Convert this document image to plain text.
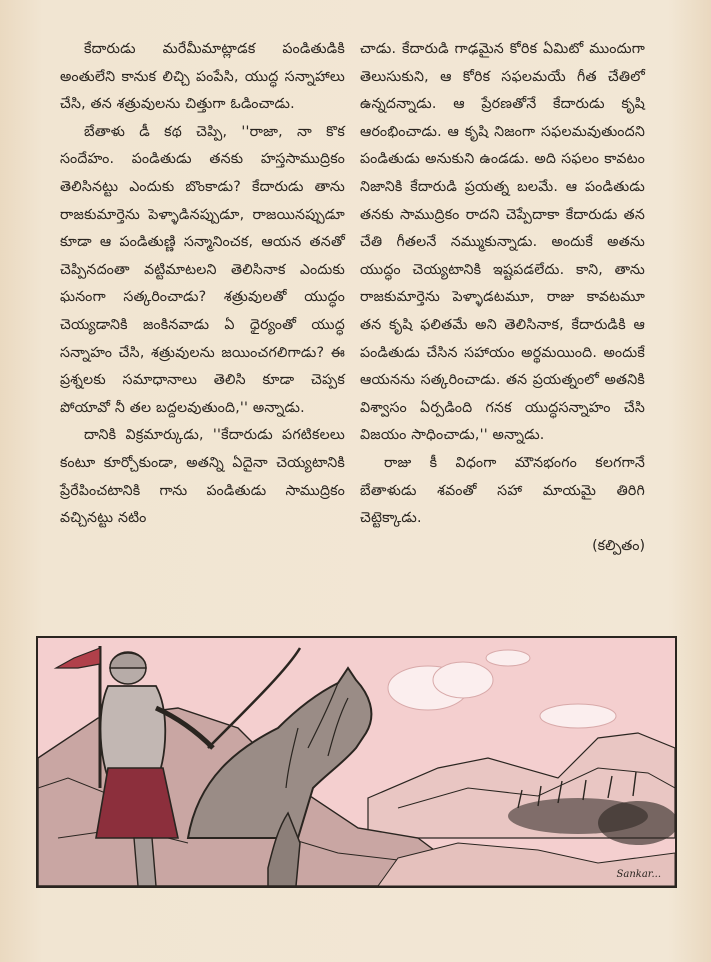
కేదారుడు మరేమీమాట్లాడక పండితుడికి అంతులేని కానుక లిచ్చి పంపేసి, యుద్ధ సన్నాహాలు చేసి, తన శత్రువులను చిత్తుగా ఓడించాడు.

బేతాళు డీ కథ చెప్పి, ''రాజా, నా కొక సందేహం. పండితుడు తనకు హస్తసాముద్రికం తెలిసినట్టు ఎందుకు బొంకాడు? కేదారుడు తాను రాజకుమార్తెను పెళ్ళాడినప్పుడూ, రాజయినప్పుడూ కూడా ఆ పండితుణ్ణి సన్మానించక, ఆయన తనతో చెప్పినదంతా వట్టిమాటలని తెలిసినాక ఎందుకు ఘనంగా సత్కరించాడు? శత్రువులతో యుద్ధం చెయ్యడానికి జంకినవాడు ఏ ధైర్యంతో యుద్ధ సన్నాహం చేసి, శత్రువులను జయించగలిగాడు? ఈ ప్రశ్నలకు సమాధానాలు తెలిసి కూడా చెప్పక పోయావో నీ తల బద్దలవుతుంది,'' అన్నాడు.

దానికి విక్రమార్కుడు, ''కేదారుడు పగటికలలు కంటూ కూర్చోకుండా, అతన్ని ఏదైనా చెయ్యటానికి ప్రేరేపించటానికి గాను పండితుడు సాముద్రికం వచ్చినట్టు నటిం

చాడు. కేదారుడి గాఢమైన కోరిక ఏమిటో ముందుగా తెలుసుకుని, ఆ కోరిక సఫలమయే గీత చేతిలో ఉన్నదన్నాడు. ఆ ప్రేరణతోనే కేదారుడు కృషి ఆరంభించాడు. ఆ కృషి నిజంగా సఫలమవుతుందని పండితుడు అనుకుని ఉండడు. అది సఫలం కావటం నిజానికి కేదారుడి ప్రయత్న బలమే. ఆ పండితుడు తనకు సాముద్రికం రాదని చెప్పేదాకా కేదారుడు తన చేతి గీతలనే నమ్ముకున్నాడు. అందుకే అతను యుద్ధం చెయ్యటానికి ఇష్టపడలేదు. కాని, తాను రాజకుమార్తెను పెళ్ళాడటమూ, రాజు కావటమూ తన కృషి ఫలితమే అని తెలిసినాక, కేదారుడికి ఆ పండితుడు చేసిన సహాయం అర్థమయింది. అందుకే ఆయనను సత్కరించాడు. తన ప్రయత్నంలో అతనికి విశ్వాసం ఏర్పడింది గనక యుద్ధసన్నాహం చేసి విజయం సాధించాడు,'' అన్నాడు.

రాజు కీ విధంగా మౌనభంగం కలగగానే బేతాళుడు శవంతో సహా మాయమై తిరిగి చెట్టెక్కాడు.

(కల్పితం)
Sankar...
